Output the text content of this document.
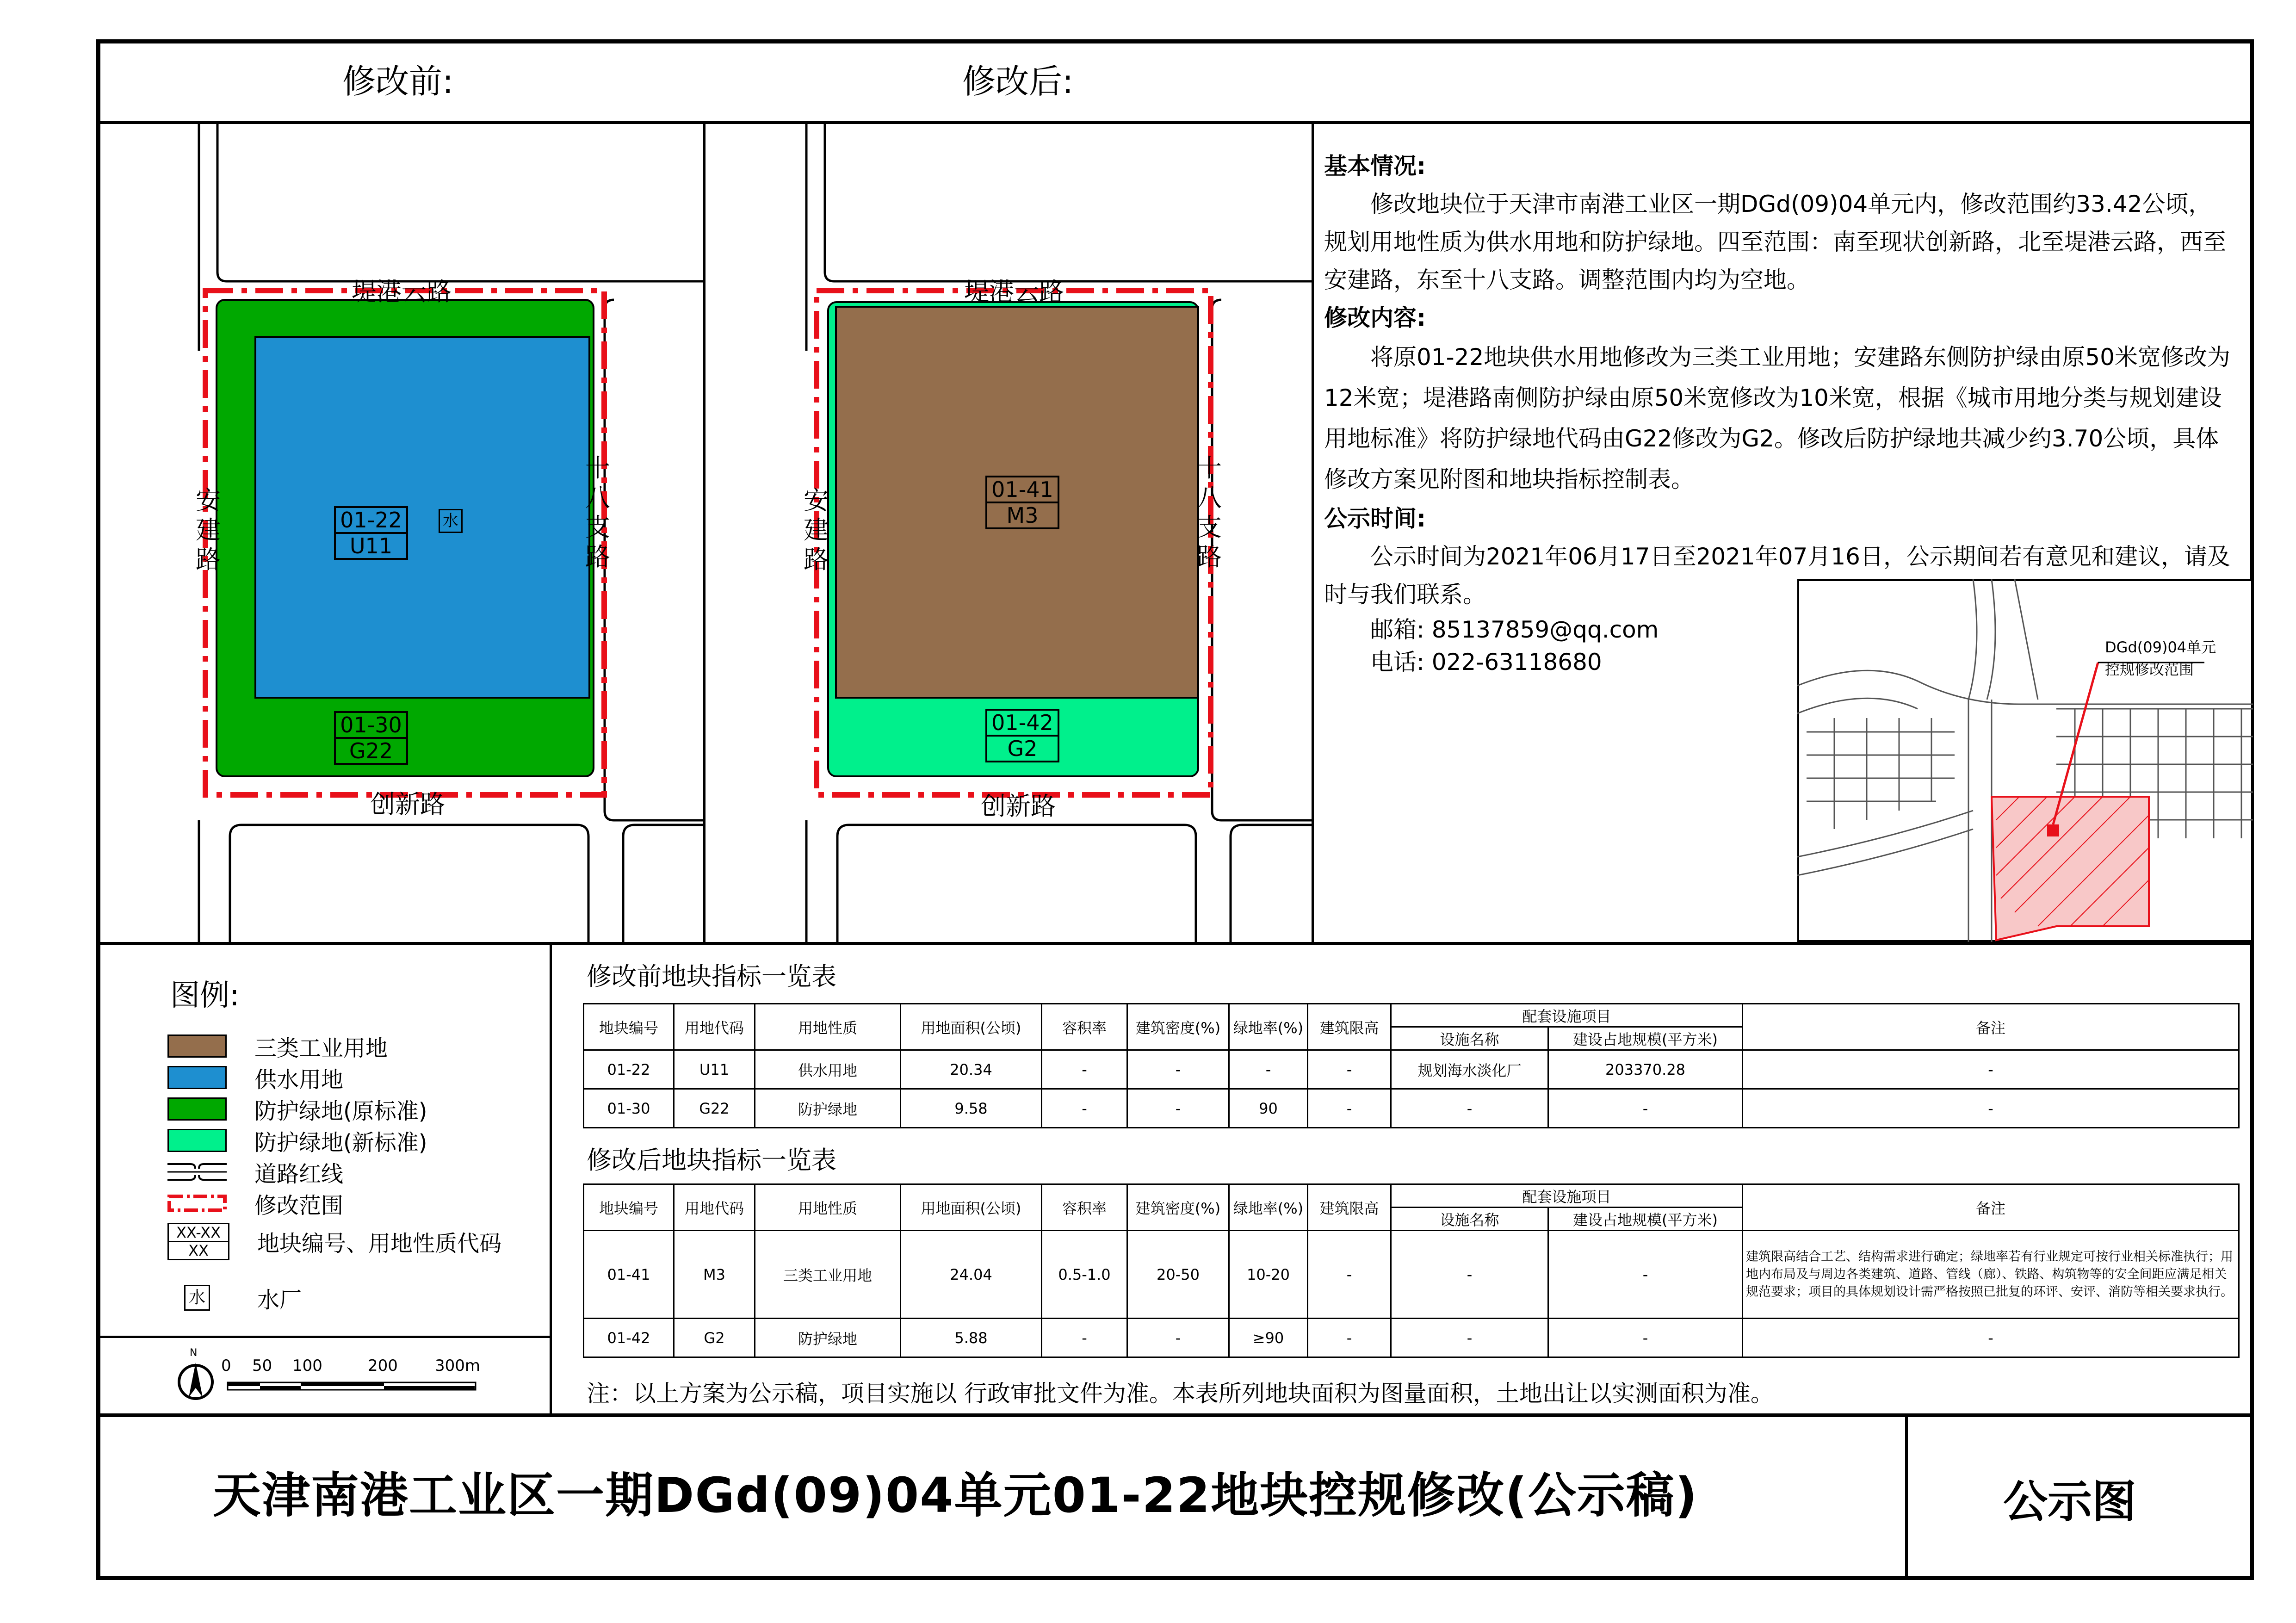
修改前:	修改后:
堤港云路
创新路
安
建
路
十
八
支
路
01-22
U11
水
01-30
G22
堤港云路
创新路
安
建
路
十
八
支
路
01-41
M3
01-42
G2

基本情况:

修改地块位于天津市南港工业区一期DGd(09)04单元内，修改范围约33.42公顷，规划用地性质为供水用地和防护绿地。四至范围：南至现状创新路，北至堤港云路，西至安建路，东至十八支路。调整范围内均为空地。

修改内容:

将原01-22地块供水用地修改为三类工业用地；安建路东侧防护绿由原50米宽修改为12米宽；堤港路南侧防护绿由原50米宽修改为10米宽，根据《城市用地分类与规划建设用地标准》将防护绿地代码由G22修改为G2。修改后防护绿地共减少约3.70公顷，具体修改方案见附图和地块指标控制表。

公示时间:

公示时间为2021年06月17日至2021年07月16日，公示期间若有意见和建议，请及时与我们联系。

邮箱: 85137859@qq.com

电话: 022-63118680

DGd(09)04单元
控规修改范围
图例:
三类工业用地
供水用地
防护绿地(原标准)
防护绿地(新标准)
道路红线
修改范围
XX-XX
XX	地块编号、用地性质代码
水 水厂
N
0 50 100	200 300m
修改前地块指标一览表
地块编号	用地代码	用地性质	用地面积(公顷)	容积率	建筑密度(%)	绿地率(%)	建筑限高	配套设施项目		备注
								设施名称	建设占地规模(平方米)	
01-22	U11	供水用地	20.34	-	-	-	-	规划海水淡化厂	203370.28	-
01-30	G22	防护绿地	9.58	-	-	90	-	-	-	-
修改后地块指标一览表
地块编号	用地代码	用地性质	用地面积(公顷)	容积率	建筑密度(%)	绿地率(%)	建筑限高	配套设施项目		备注
								设施名称	建设占地规模(平方米)	
01-41	M3	三类工业用地	24.04	0.5-1.0	20-50	10-20	-	-	-	建筑限高结合工艺、结构需求进行确定；绿地率若有行业规定可按行业相关标准执行；用地内布局及与周边各类建筑、道路、管线（廊）、铁路、构筑物等的安全间距应满足相关规范要求；项目的具体规划设计需严格按照已批复的环评、安评、消防等相关要求执行。
01-42	G2	防护绿地	5.88	-	-	≥90	-	-	-	-
注：以上方案为公示稿，项目实施以 行政审批文件为准。本表所列地块面积为图量面积，土地出让以实测面积为准。
天津南港工业区一期DGd(09)04单元01-22地块控规修改(公示稿)	公示图
